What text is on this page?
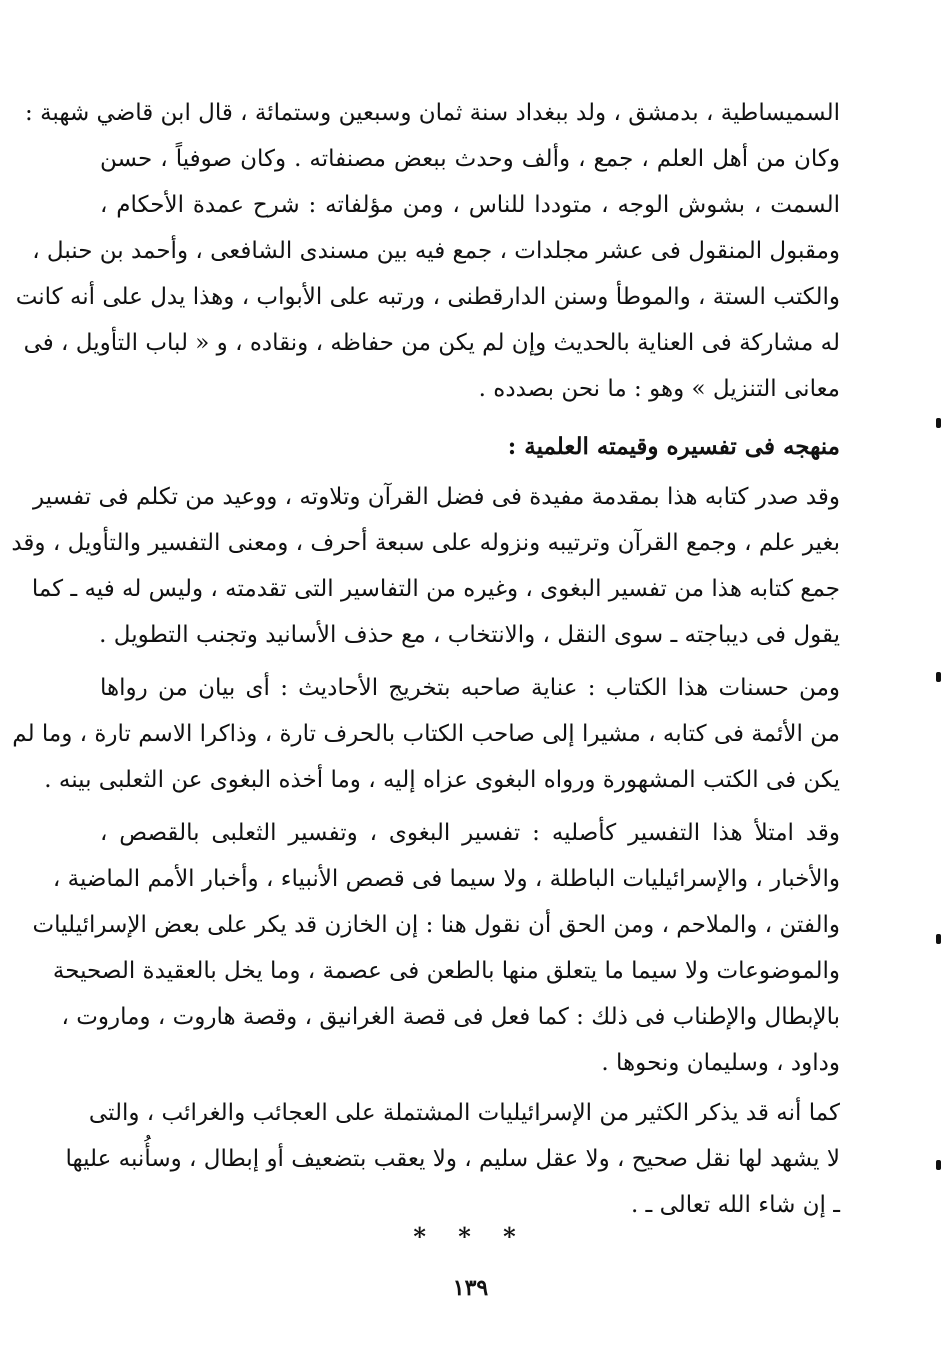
السميساطية ، بدمشق ، ولد ببغداد سنة ثمان وسبعين وستمائة ، قال ابن قاضي شهبة :
وكان من أهل العلم ، جمع ، وألف وحدث ببعض مصنفاته . وكان صوفياً ، حسن
السمت ، بشوش الوجه ، متوددا للناس ، ومن مؤلفاته : شرح عمدة الأحكام ،
ومقبول المنقول فى عشر مجلدات ، جمع فيه بين مسندى الشافعى ، وأحمد بن حنبل ،
والكتب الستة ، والموطأ وسنن الدارقطنى ، ورتبه على الأبواب ، وهذا يدل على أنه كانت
له مشاركة فى العناية بالحديث وإن لم يكن من حفاظه ، ونقاده ، و « لباب التأويل ، فى
معانى التنزيل » وهو : ما نحن بصدده .
منهجه فى تفسيره وقيمته العلمية :
وقد صدر كتابه هذا بمقدمة مفيدة فى فضل القرآن وتلاوته ، ووعيد من تكلم فى تفسير
بغير علم ، وجمع القرآن وترتيبه ونزوله على سبعة أحرف ، ومعنى التفسير والتأويل ، وقد
جمع كتابه هذا من تفسير البغوى ، وغيره من التفاسير التى تقدمته ، وليس له فيه ـ كما
يقول فى ديباجته ـ سوى النقل ، والانتخاب ، مع حذف الأسانيد وتجنب التطويل .
ومن حسنات هذا الكتاب : عناية صاحبه بتخريج الأحاديث : أى بيان من رواها
من الأئمة فى كتابه ، مشيرا إلى صاحب الكتاب بالحرف تارة ، وذاكرا الاسم تارة ، وما لم
يكن فى الكتب المشهورة ورواه البغوى عزاه إليه ، وما أخذه البغوى عن الثعلبى بينه .
وقد امتلأ هذا التفسير كأصليه : تفسير البغوى ، وتفسير الثعلبى بالقصص ،
والأخبار ، والإسرائيليات الباطلة ، ولا سيما فى قصص الأنبياء ، وأخبار الأمم الماضية ،
والفتن ، والملاحم ، ومن الحق أن نقول هنا : إن الخازن قد يكر على بعض الإسرائيليات
والموضوعات ولا سيما ما يتعلق منها بالطعن فى عصمة ، وما يخل بالعقيدة الصحيحة
بالإبطال والإطناب فى ذلك : كما فعل فى قصة الغرانيق ، وقصة هاروت ، وماروت ،
وداود ، وسليمان ونحوها .
كما أنه قد يذكر الكثير من الإسرائيليات المشتملة على العجائب والغرائب ، والتى
لا يشهد لها نقل صحيح ، ولا عقل سليم ، ولا يعقب بتضعيف أو إبطال ، وسأُنبه عليها
ـ إن شاء الله تعالى ـ .
* * *
١٣٩
